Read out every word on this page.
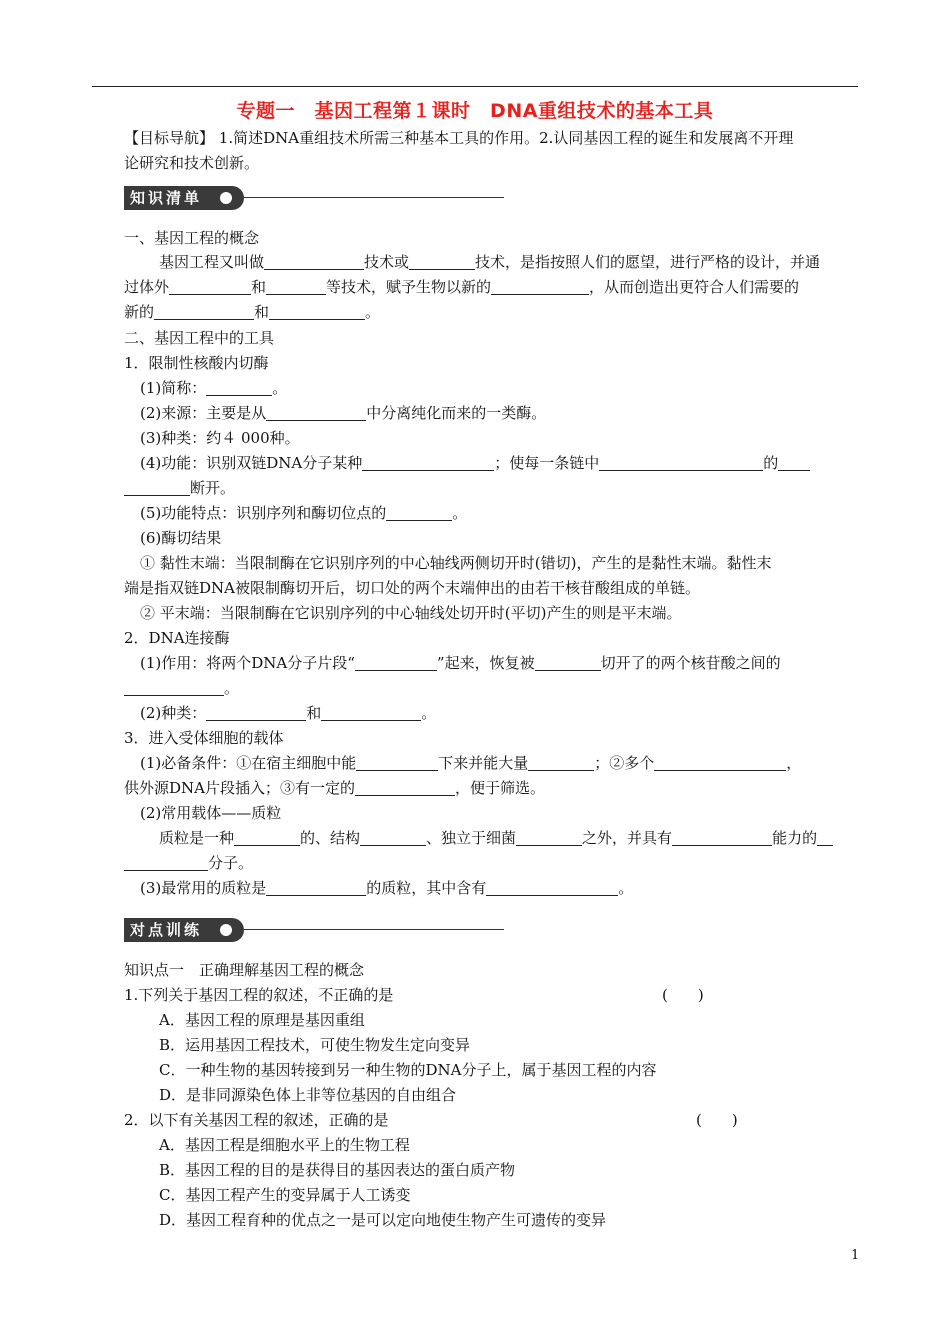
专题一　基因工程第１课时　DNA重组技术的基本工具
【目标导航】 1.简述DNA重组技术所需三种基本工具的作用。2.认同基因工程的诞生和发展离不开理
论研究和技术创新。
知识清单
一、基因工程的概念
基因工程又叫做	技术或	技术，是指按照人们的愿望，进行严格的设计，并通
过体外	和	等技术，赋予生物以新的	，从而创造出更符合人们需要的
新的	和	。
二、基因工程中的工具
1．限制性核酸内切酶
(1)简称：	。
(2)来源：主要是从	中分离纯化而来的一类酶。
(3)种类：约４ 000种。
(4)功能：识别双链DNA分子某种	；使每一条链中	的
断开。
(5)功能特点：识别序列和酶切位点的	。
(6)酶切结果
① 黏性末端：当限制酶在它识别序列的中心轴线两侧切开时(错切)，产生的是黏性末端。黏性末
端是指双链DNA被限制酶切开后，切口处的两个末端伸出的由若干核苷酸组成的单链。
② 平末端：当限制酶在它识别序列的中心轴线处切开时(平切)产生的则是平末端。
2．DNA连接酶
(1)作用：将两个DNA分子片段“	”起来，恢复被	切开了的两个核苷酸之间的
。
(2)种类：	和	。
3．进入受体细胞的载体
(1)必备条件：①在宿主细胞中能	下来并能大量	；②多个	，
供外源DNA片段插入；③有一定的	，便于筛选。
(2)常用载体——质粒
质粒是一种	的、结构	、独立于细菌	之外，并具有	能力的
分子。
(3)最常用的质粒是	的质粒，其中含有	。
对点训练
知识点一　正确理解基因工程的概念
1.下列关于基因工程的叙述，不正确的是	(　　)
A．基因工程的原理是基因重组
B．运用基因工程技术，可使生物发生定向变异
C．一种生物的基因转接到另一种生物的DNA分子上，属于基因工程的内容
D．是非同源染色体上非等位基因的自由组合
2．以下有关基因工程的叙述，正确的是	(　　)
A．基因工程是细胞水平上的生物工程
B．基因工程的目的是获得目的基因表达的蛋白质产物
C．基因工程产生的变异属于人工诱变
D．基因工程育种的优点之一是可以定向地使生物产生可遗传的变异
1
